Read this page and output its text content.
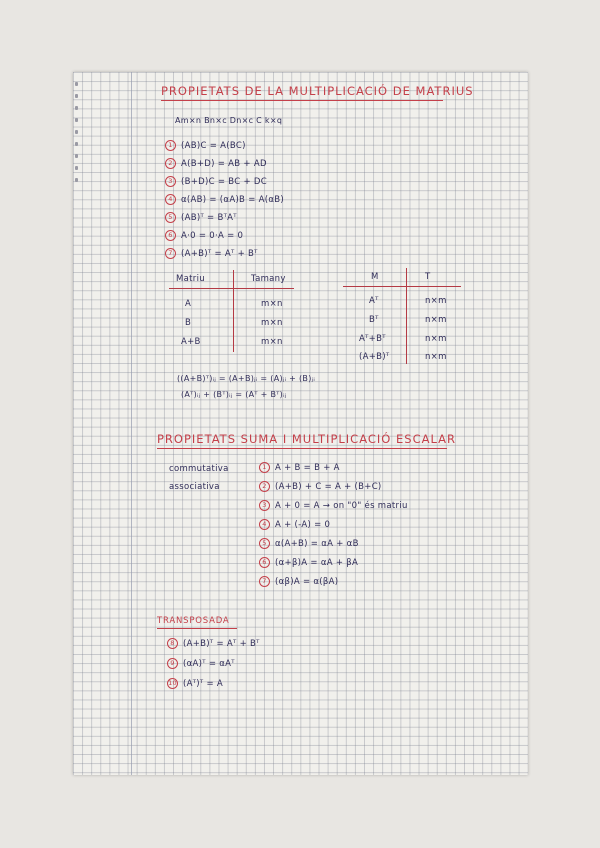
PROPIETATS DE LA MULTIPLICACIÓ DE MATRIUS
Am×n Bn×c Dn×c C k×q
1 (AB)C = A(BC)
2 A(B+D) = AB + AD
3 (B+D)C = BC + DC
4 α(AB) = (αA)B = A(αB)
5 (AB)ᵀ = BᵀAᵀ
6 A·0 = 0·A = 0
7 (A+B)ᵀ = Aᵀ + Bᵀ
Matriu	Tamany
A	m×n
B	m×n
A+B	m×n
M	T
Aᵀ	n×m
Bᵀ	n×m
Aᵀ+Bᵀ	n×m
(A+B)ᵀ	n×m
((A+B)ᵀ)ᵢⱼ = (A+B)ⱼᵢ = (A)ⱼᵢ + (B)ⱼᵢ
(Aᵀ)ᵢⱼ + (Bᵀ)ᵢⱼ = (Aᵀ + Bᵀ)ᵢⱼ
PROPIETATS SUMA I MULTIPLICACIÓ ESCALAR
commutativa
associativa
1 A + B = B + A
2 (A+B) + C = A + (B+C)
3 A + 0 = A → on "0" és matriu
4 A + (-A) = 0
5 α(A+B) = αA + αB
6 (α+β)A = αA + βA
7 (αβ)A = α(βA)
TRANSPOSADA
8 (A+B)ᵀ = Aᵀ + Bᵀ
9 (αA)ᵀ = αAᵀ
10 (Aᵀ)ᵀ = A
